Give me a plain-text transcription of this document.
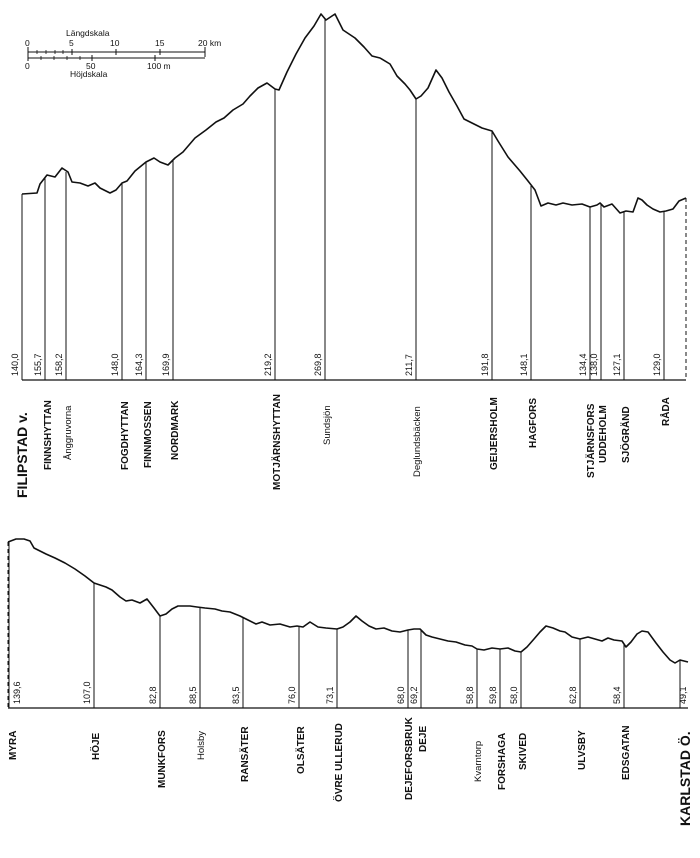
Längdskala
0	5	10	15	20 km
0	50	100 m
Höjdskala
140,0 155,7 158,2	148,0 164,3 169,9	219,2	269,8	211,7	191,8	148,1	134,4 138,0 127,1	129,0
FILIPSTAD v. FINNSHYTTAN Ånggruvorna	FOGDHYTTAN FINNMOSSEN NORDMARK	MOTJÄRNSHYTTAN	Sundsjön	Deglundsbäcken	GEIJERSHOLM	HAGFORS	STJÄRNSFORS UDDEHOLM SJÖGRÄND	RÅDA
139,6	107,0	82,8	88,5	83,5	76,0	73,1	68,0 69,2	58,8 59,8 58,0	62,8	58,4	49,1
MYRA	HÖJE	MUNKFORS	Holsby	RANSÄTER	OLSÄTER	ÖVRE ULLERUD	DEJEFORSBRUK DEJE
Kvarntorp FORSHAGA SKIVED	ULVSBY	EDSGATAN	KARLSTAD Ö.
